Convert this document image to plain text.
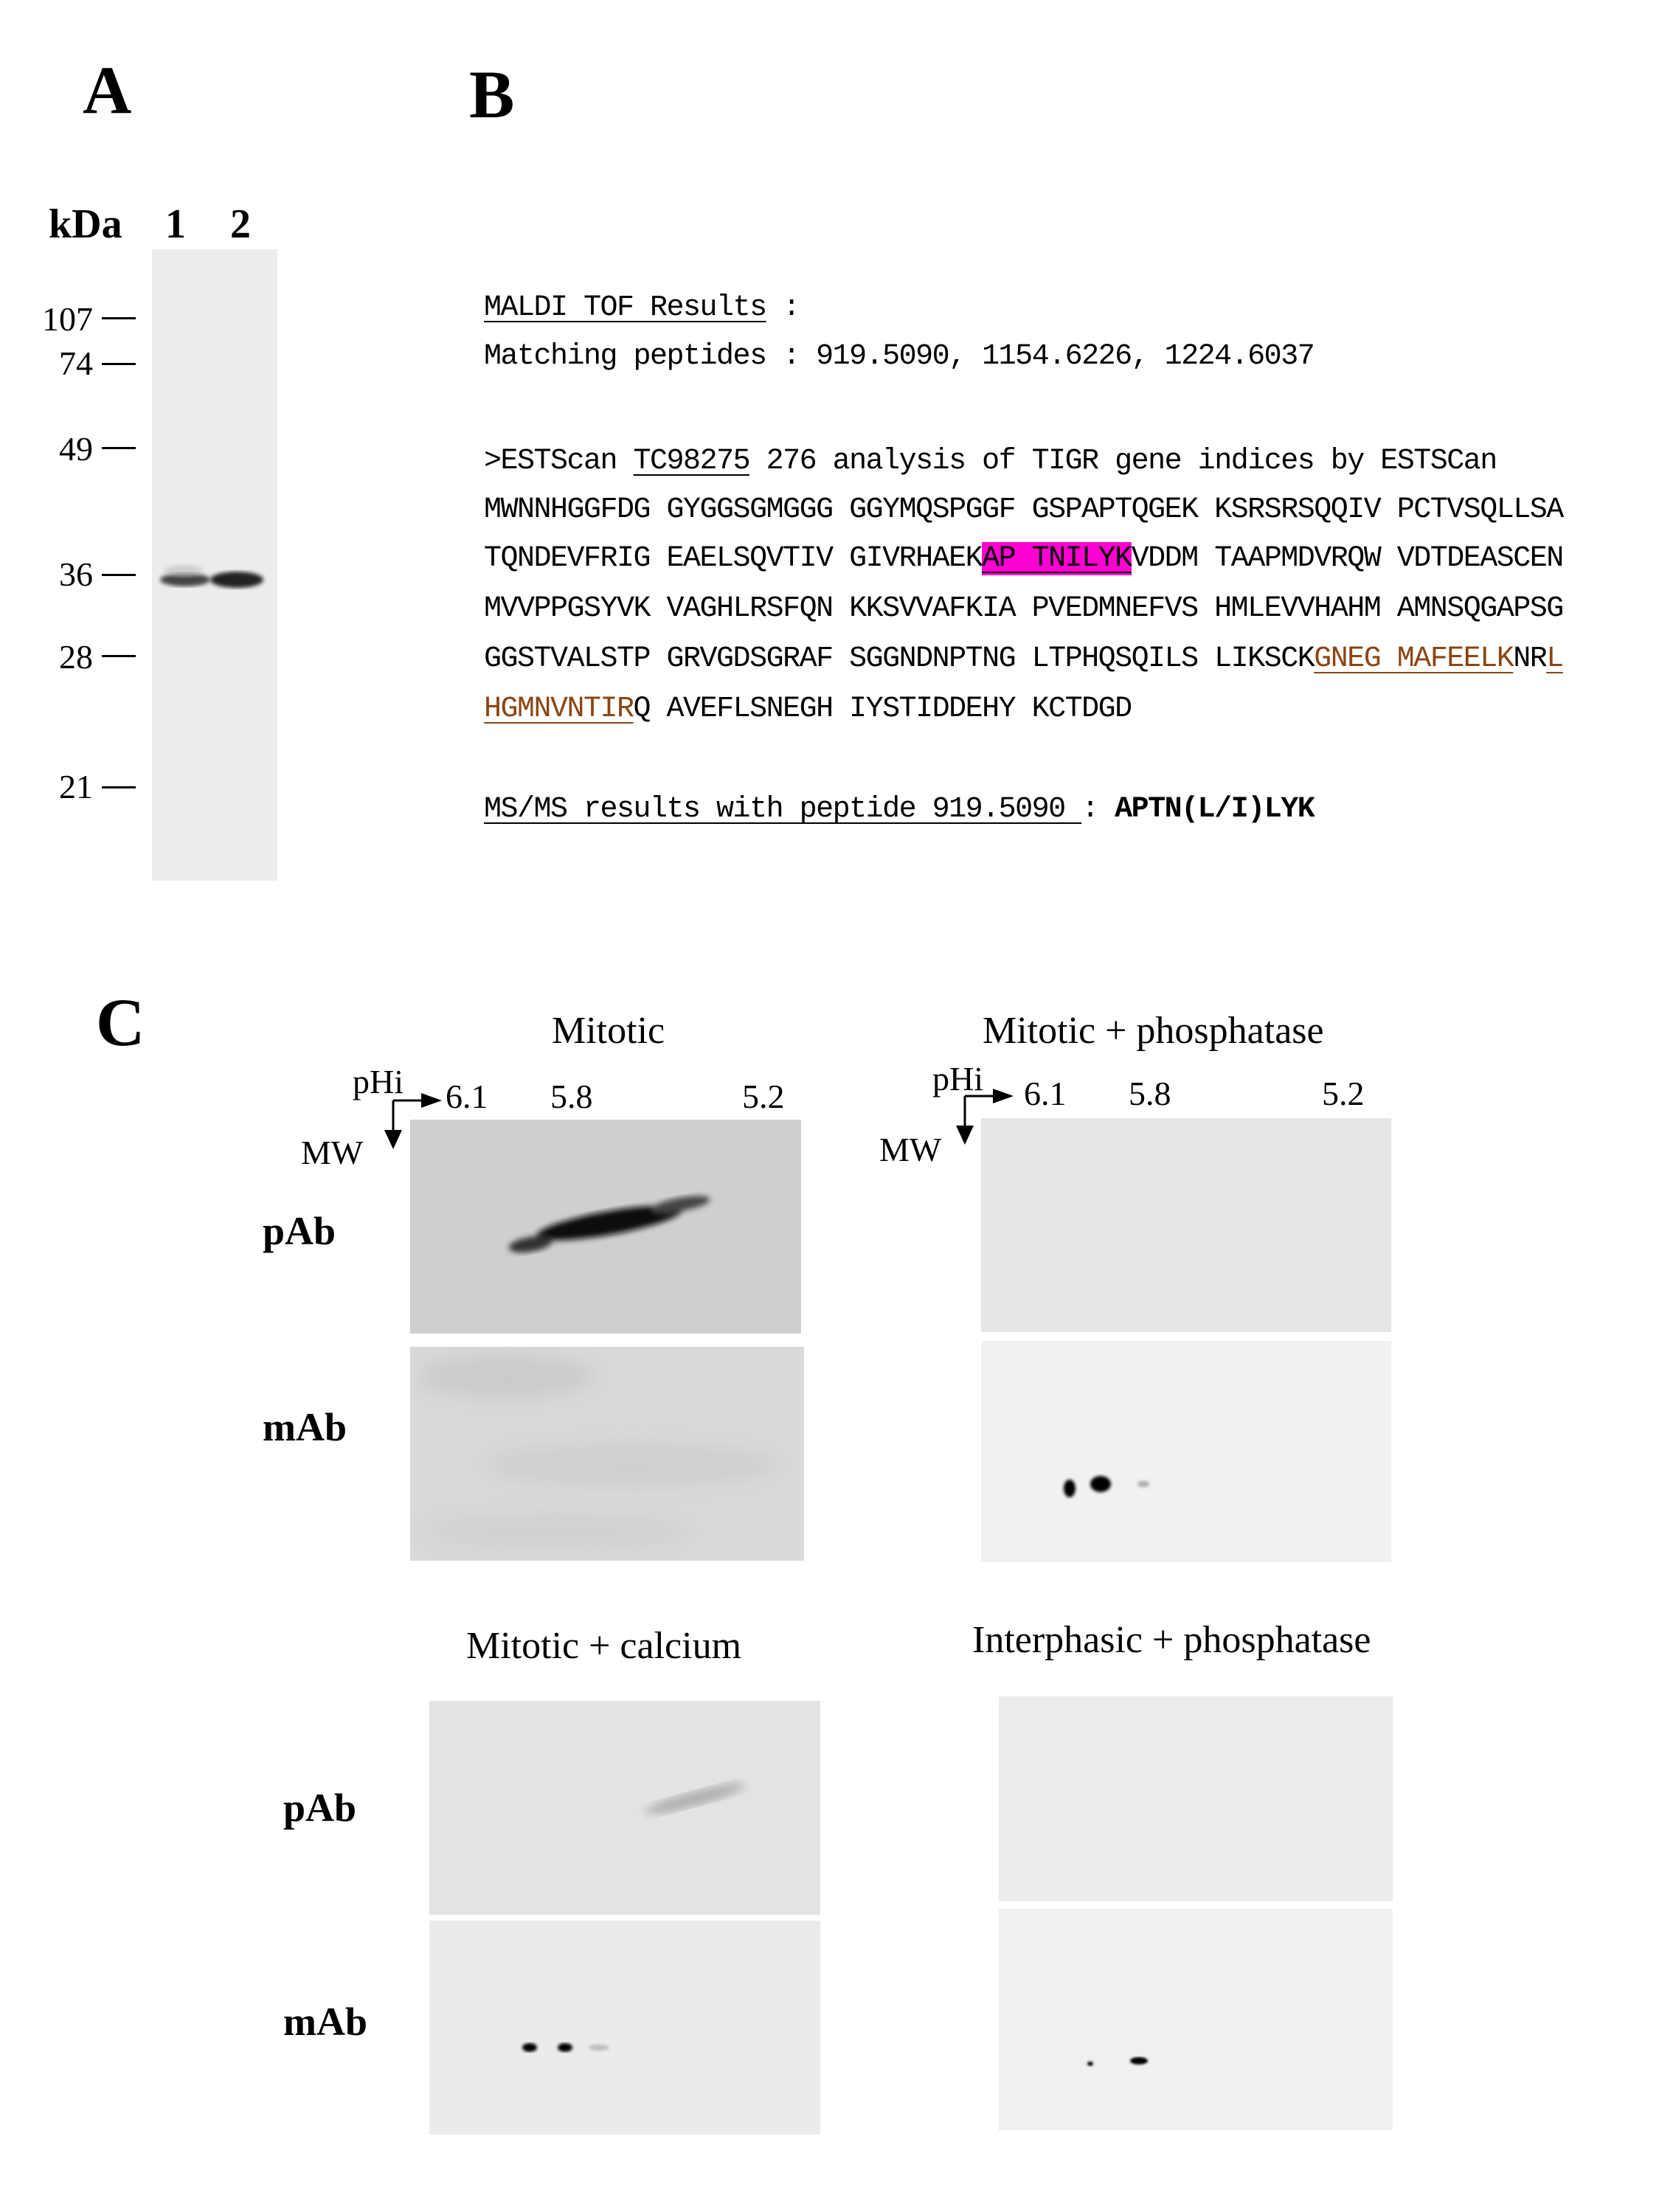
A
kDa 1 2
107
74
49
36
28
21
B
MALDI TOF Results :
Matching peptides : 919.5090, 1154.6226, 1224.6037
>ESTScan TC98275 276 analysis of TIGR gene indices by ESTSCan
MWNNHGGFDG GYGGSGMGGG GGYMQSPGGF GSPAPTQGEK KSRSRSQQIV PCTVSQLLSA
TQNDEVFRIG EAELSQVTIV GIVRHAEKAP TNILYKVDDM TAAPMDVRQW VDTDEASCEN
MVVPPGSYVK VAGHLRSFQN KKSVVAFKIA PVEDMNEFVS HMLEVVHAHM AMNSQGAPSG
GGSTVALSTP GRVGDSGRAF SGGNDNPTNG LTPHQSQILS LIKSCKGNEG MAFEELKNRL
HGMNVNTIRQ AVEFLSNEGH IYSTIDDEHY KCTDGD
MS/MS results with peptide 919.5090 : APTN(L/I)LYK
C	Mitotic
pHi 6.1 5.8	5.2
MW
pAb
mAb
Mitotic + phosphatase
pHi 6.1 5.8	5.2
MW
Mitotic + calcium
pAb
mAb
Interphasic + phosphatase
